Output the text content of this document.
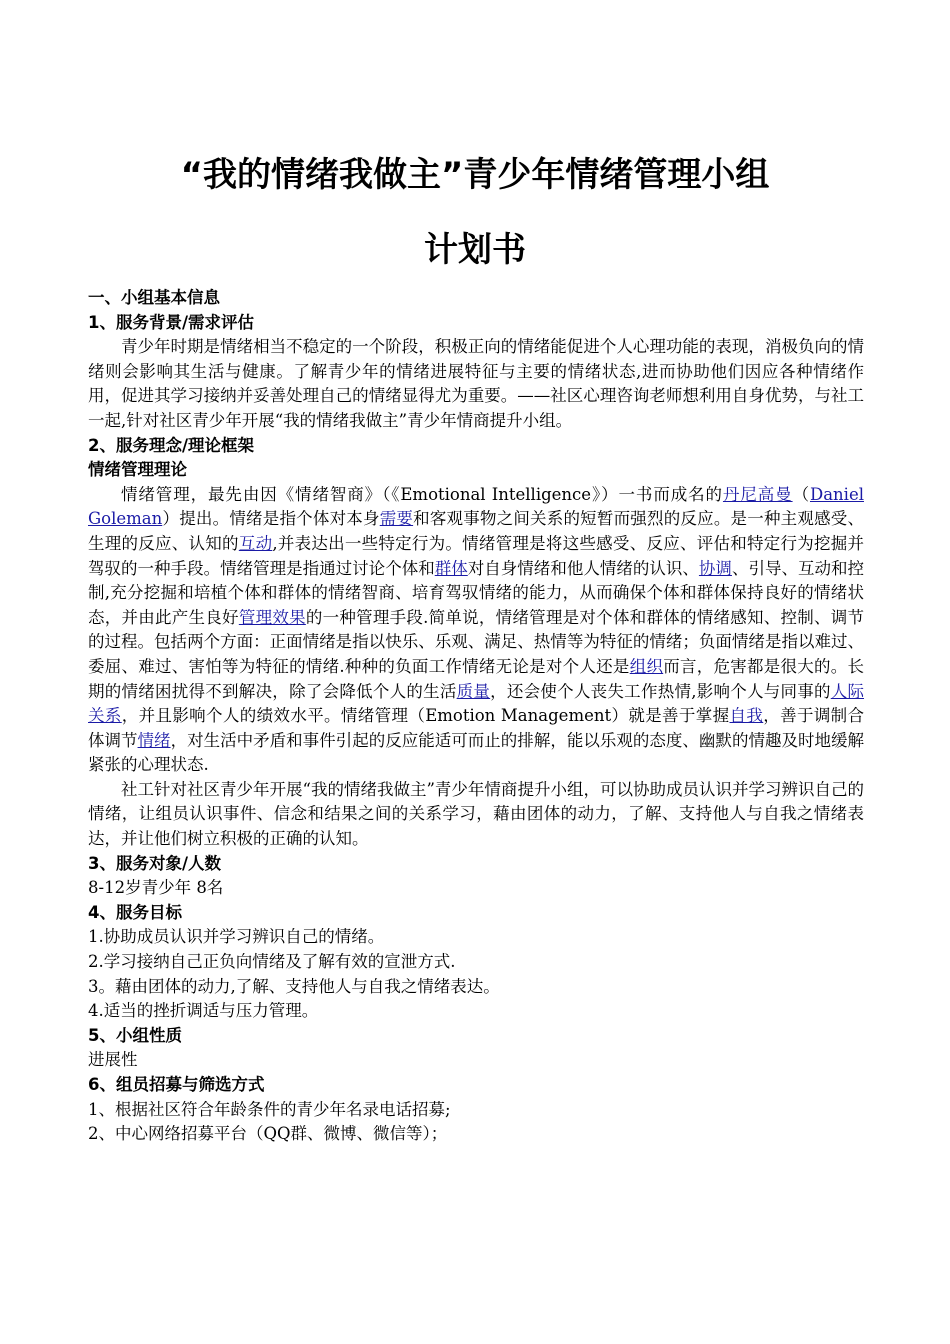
“我的情绪我做主”青少年情绪管理小组
计划书
一、小组基本信息
1、服务背景/需求评估
青少年时期是情绪相当不稳定的一个阶段，积极正向的情绪能促进个人心理功能的表现，消极负向的情绪则会影响其生活与健康。了解青少年的情绪进展特征与主要的情绪状态,进而协助他们因应各种情绪作用，促进其学习接纳并妥善处理自己的情绪显得尤为重要。——社区心理咨询老师想利用自身优势，与社工一起,针对社区青少年开展“我的情绪我做主”青少年情商提升小组。
2、服务理念/理论框架
情绪管理理论
情绪管理，最先由因《情绪智商》（《Emotional Intelligence》）一书而成名的丹尼高曼（Daniel Goleman）提出。情绪是指个体对本身需要和客观事物之间关系的短暂而强烈的反应。是一种主观感受、生理的反应、认知的互动,并表达出一些特定行为。情绪管理是将这些感受、反应、评估和特定行为挖掘并驾驭的一种手段。情绪管理是指通过讨论个体和群体对自身情绪和他人情绪的认识、协调、引导、互动和控制,充分挖掘和培植个体和群体的情绪智商、培育驾驭情绪的能力，从而确保个体和群体保持良好的情绪状态，并由此产生良好管理效果的一种管理手段.简单说，情绪管理是对个体和群体的情绪感知、控制、调节的过程。包括两个方面：正面情绪是指以快乐、乐观、满足、热情等为特征的情绪；负面情绪是指以难过、委屈、难过、害怕等为特征的情绪.种种的负面工作情绪无论是对个人还是组织而言，危害都是很大的。长期的情绪困扰得不到解决，除了会降低个人的生活质量，还会使个人丧失工作热情,影响个人与同事的人际关系，并且影响个人的绩效水平。情绪管理（Emotion Management）就是善于掌握自我，善于调制合体调节情绪，对生活中矛盾和事件引起的反应能适可而止的排解，能以乐观的态度、幽默的情趣及时地缓解紧张的心理状态.
社工针对社区青少年开展“我的情绪我做主”青少年情商提升小组，可以协助成员认识并学习辨识自己的情绪，让组员认识事件、信念和结果之间的关系学习，藉由团体的动力，了解、支持他人与自我之情绪表达，并让他们树立积极的正确的认知。
3、服务对象/人数
8-12岁青少年 8名
4、服务目标
1.协助成员认识并学习辨识自己的情绪。
2.学习接纳自己正负向情绪及了解有效的宣泄方式.
3。藉由团体的动力,了解、支持他人与自我之情绪表达。
4.适当的挫折调适与压力管理。
5、小组性质
进展性
6、组员招募与筛选方式
1、根据社区符合年龄条件的青少年名录电话招募;
2、中心网络招募平台（QQ群、微博、微信等）；
